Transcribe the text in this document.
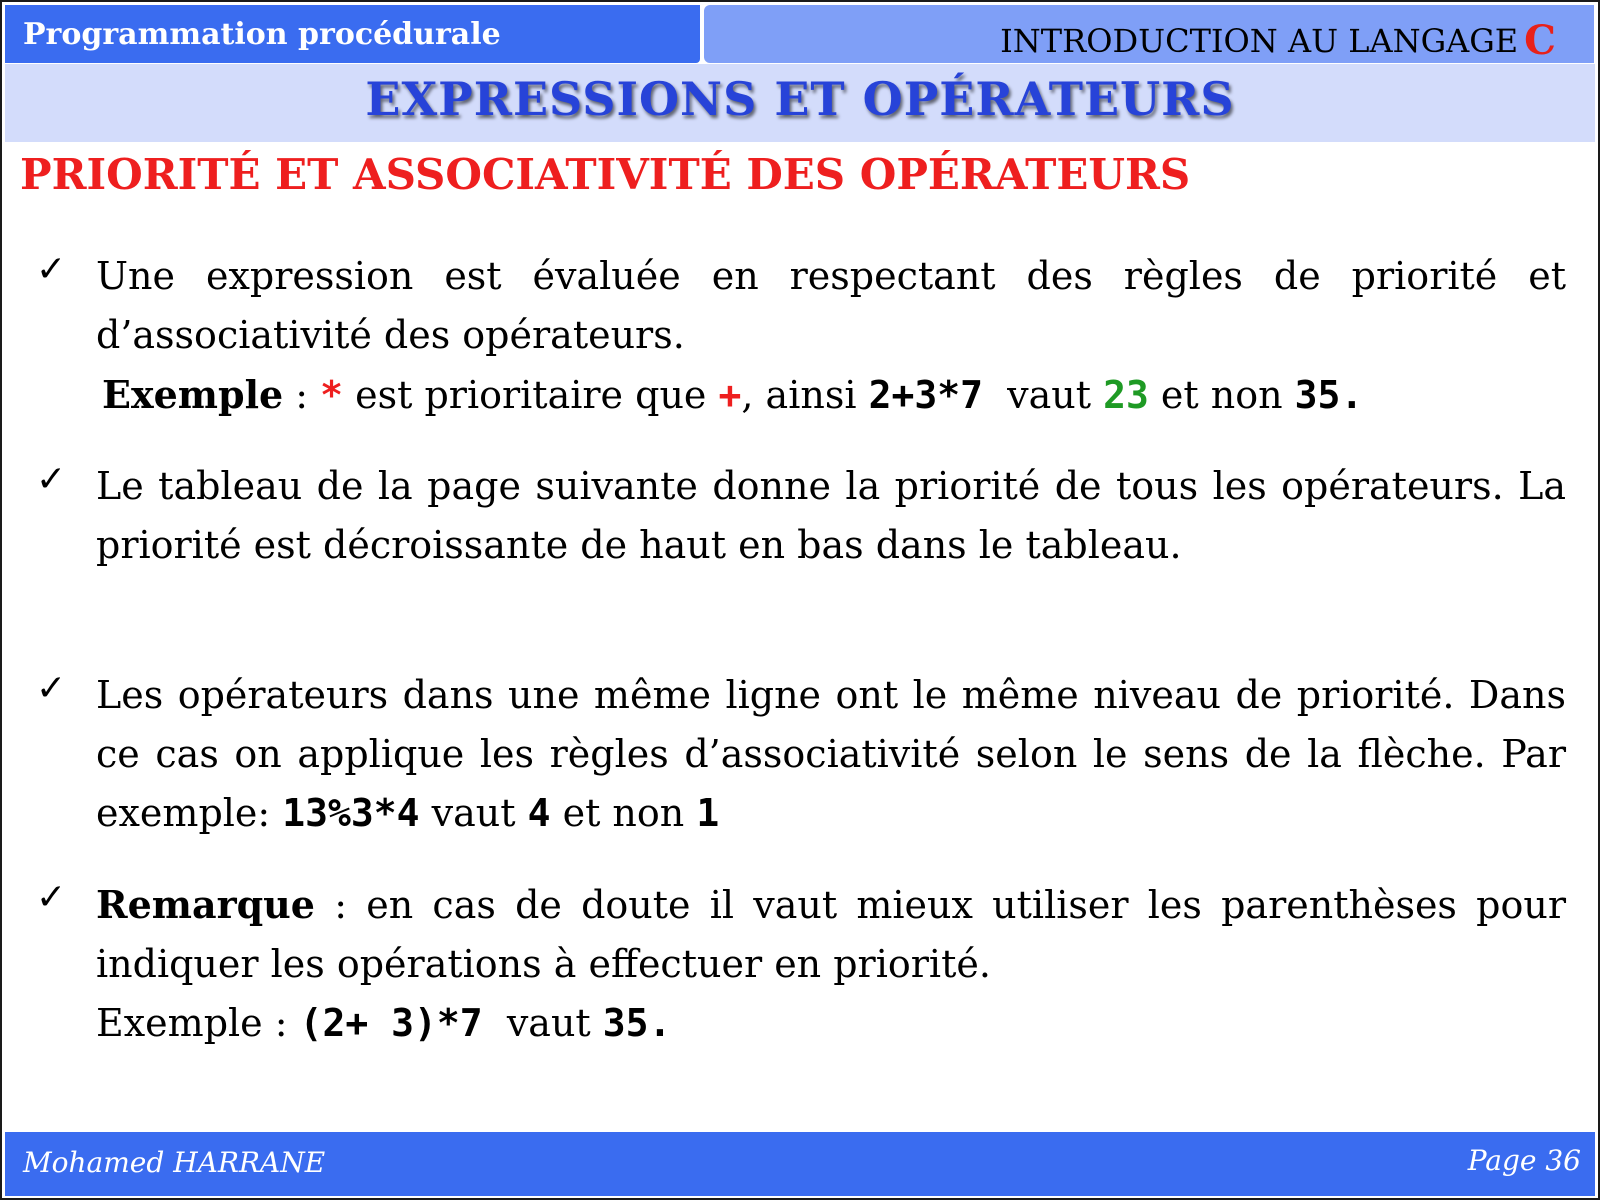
Programmation procédurale	INTRODUCTION AU LANGAGE C
EXPRESSIONS ET OPÉRATEURS
PRIORITÉ ET ASSOCIATIVITÉ DES OPÉRATEURS
✓ Une expression est évaluée en respectant des règles de priorité et d’associativité des opérateurs.
Exemple : * est prioritaire que +, ainsi 2+3*7  vaut 23 et non 35.
✓ Le tableau de la page suivante donne la priorité de tous les opérateurs. La priorité est décroissante de haut en bas dans le tableau.
✓ Les opérateurs dans une même ligne ont le même niveau de priorité. Dans ce cas on applique les règles d’associativité selon le sens de la flèche. Par exemple: 13%3*4 vaut 4 et non 1
✓ Remarque : en cas de doute il vaut mieux utiliser les parenthèses pour indiquer les opérations à effectuer en priorité.
Exemple : (2+ 3)*7  vaut 35.
Mohamed HARRANE	Page 36
